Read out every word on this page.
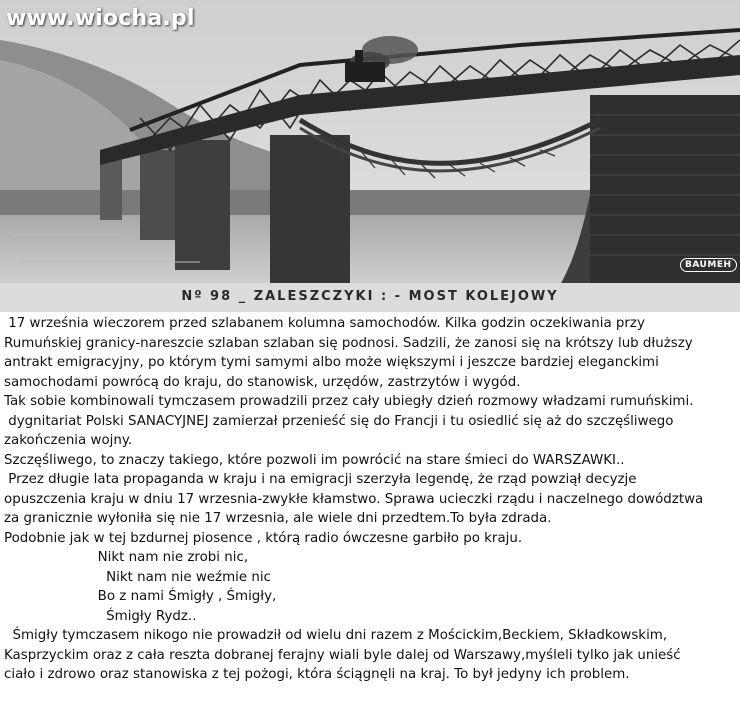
www.wiocha.pl
BAUMEH
Nº 98 _ ZALESZCZYKI : - MOST KOLEJOWY
17 września wieczorem przed szlabanem kolumna samochodów. Kilka godzin oczekiwania przy
Rumuńskiej granicy-nareszcie szlaban szlaban się podnosi. Sadzili, że zanosi się na krótszy lub dłuższy
antrakt emigracyjny, po którym tymi samymi albo może większymi i jeszcze bardziej eleganckimi
samochodami powrócą do kraju, do stanowisk, urzędów, zastrzytów i wygód.
Tak sobie kombinowali tymczasem prowadzili przez cały ubiegły dzień rozmowy władzami rumuńskimi.
dygnitariat Polski SANACYJNEJ zamierzał przenieść się do Francji i tu osiedlić się aż do szczęśliwego
zakończenia wojny.
Szczęśliwego, to znaczy takiego, które pozwoli im powrócić na stare śmieci do WARSZAWKI..
Przez długie lata propaganda w kraju i na emigracji szerzyła legendę, że rząd powziął decyzje
opuszczenia kraju w dniu 17 wrzesnia-zwykłe kłamstwo. Sprawa ucieczki rządu i naczelnego dowództwa
za granicznie wyłoniła się nie 17 wrzesnia, ale wiele dni przedtem.To była zdrada.
Podobnie jak w tej bzdurnej piosence , którą radio ówczesne garbiło po kraju.
Nikt nam nie zrobi nic,
Nikt nam nie weźmie nic
Bo z nami Śmigły , Śmigły,
Śmigły Rydz..
Śmigły tymczasem nikogo nie prowadził od wielu dni razem z Mościckim,Beckiem, Składkowskim,
Kasprzyckim oraz z cała reszta dobranej ferajny wiali byle dalej od Warszawy,myśleli tylko jak unieść
ciało i zdrowo oraz stanowiska z tej pożogi, która ściągnęli na kraj. To był jedyny ich problem.
